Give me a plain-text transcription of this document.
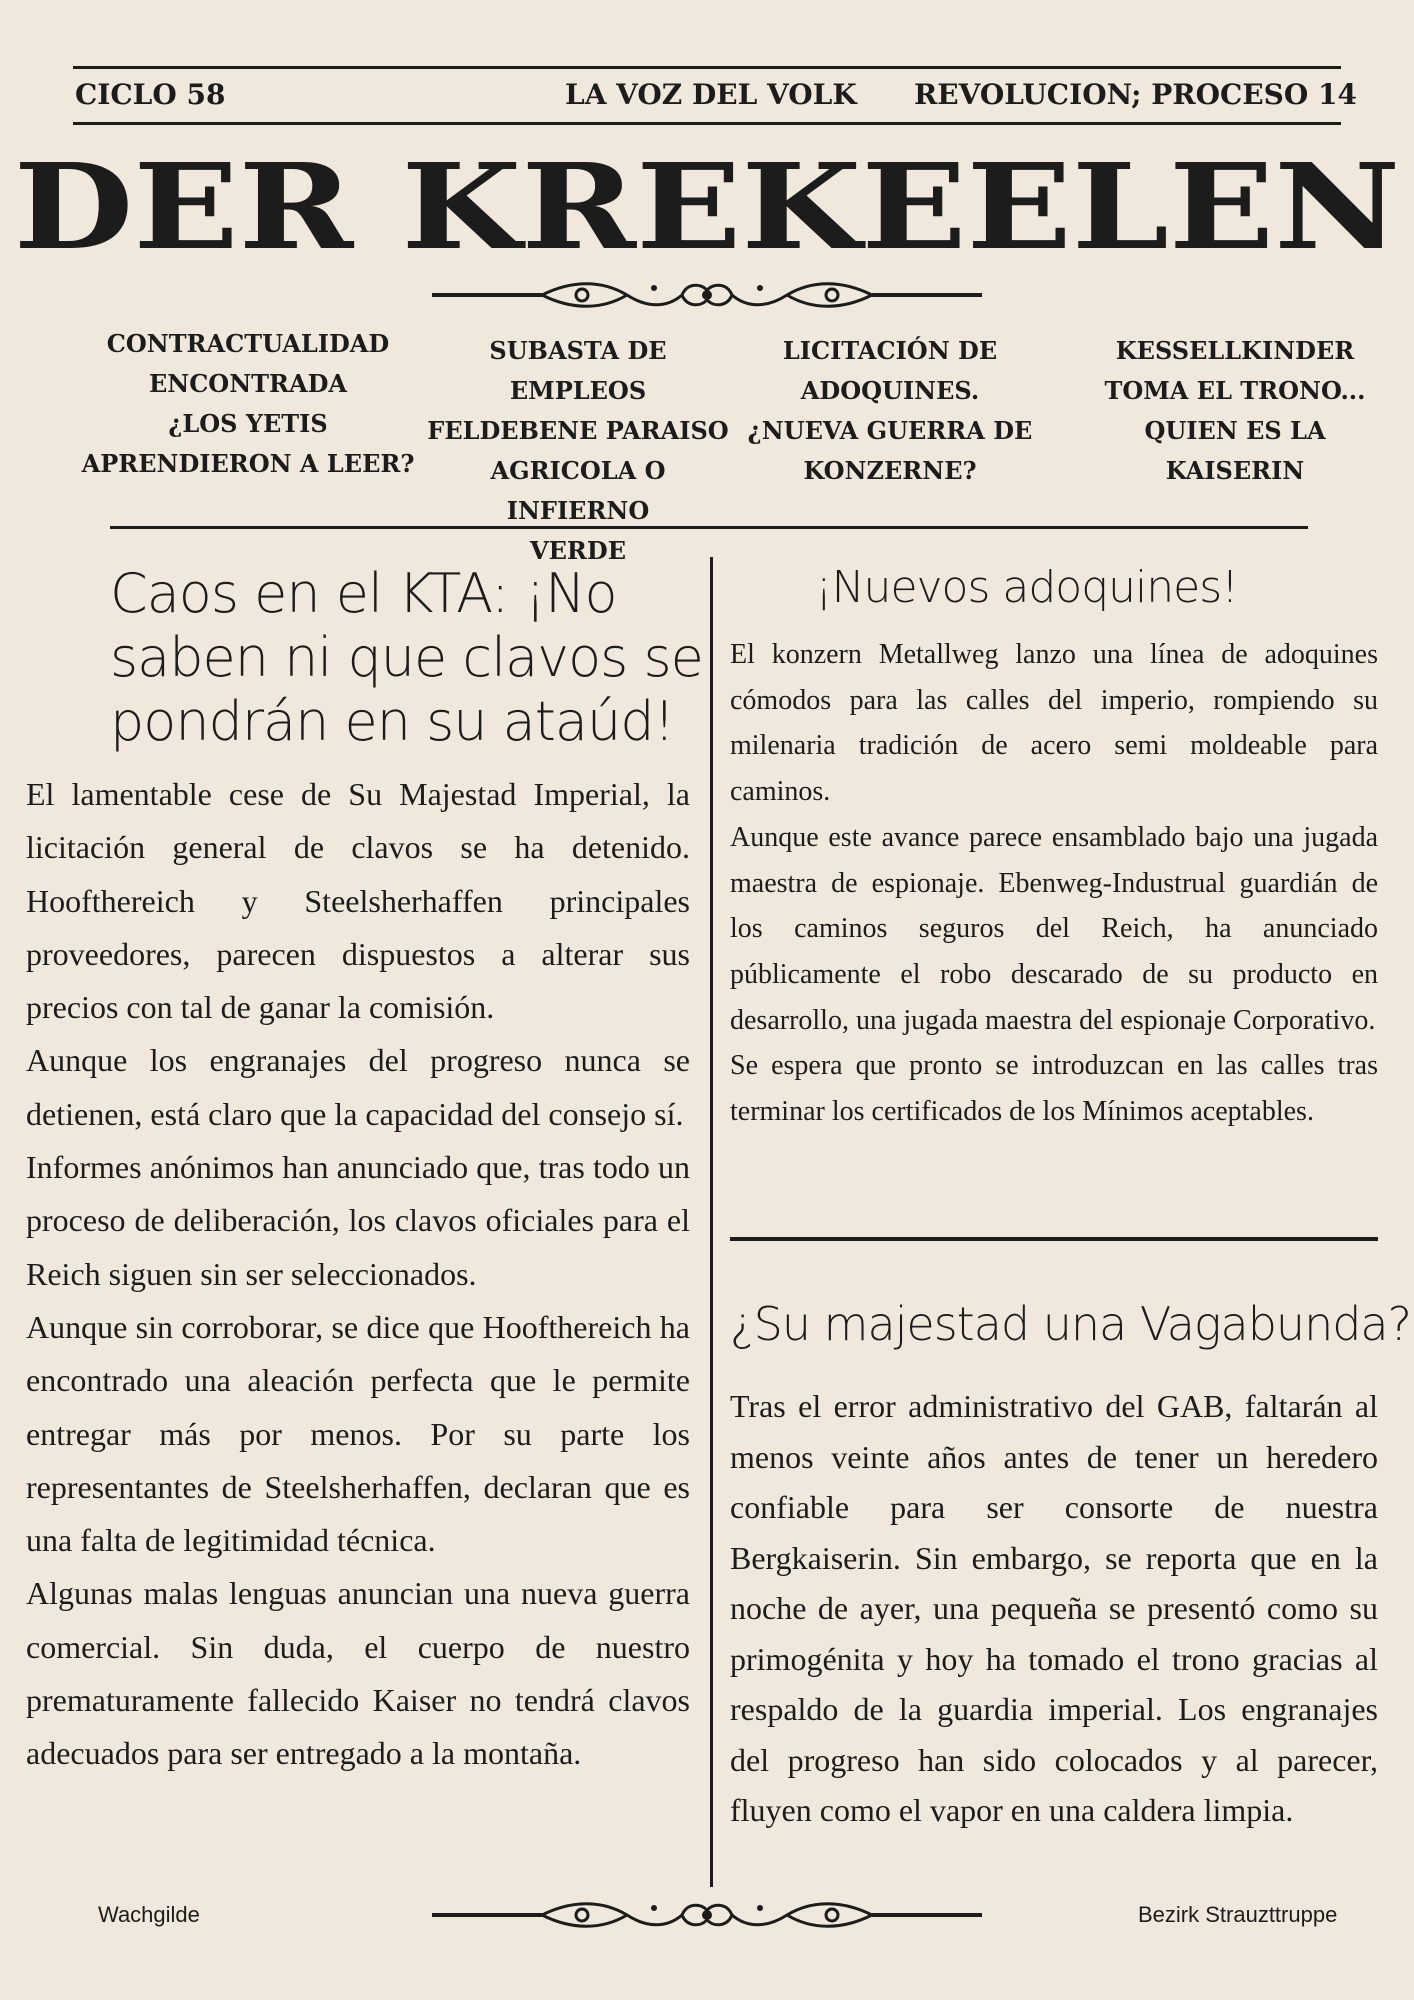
CICLO 58	LA VOZ DEL VOLK REVOLUCION; PROCESO 14
DER KREKEELEN
CONTRACTUALIDAD
ENCONTRADA
¿LOS YETIS
APRENDIERON A LEER?
SUBASTA DE EMPLEOS
FELDEBENE PARAISO
AGRICOLA O INFIERNO
VERDE
LICITACIÓN DE
ADOQUINES.
¿NUEVA GUERRA DE
KONZERNE?
KESSELLKINDER
TOMA EL TRONO...
QUIEN ES LA
KAISERIN
Caos en el KTA: ¡No
saben ni que clavos se
pondrán en su ataúd!

El lamentable cese de Su Majestad Imperial, la licitación general de clavos se ha detenido. Hoofthereich y Steelsherhaffen principales proveedores, parecen dispuestos a alterar sus precios con tal de ganar la comisión.

Aunque los engranajes del progreso nunca se detienen, está claro que la capacidad del consejo sí.

Informes anónimos han anunciado que, tras todo un proceso de deliberación, los clavos oficiales para el Reich siguen sin ser seleccionados.

Aunque sin corroborar, se dice que Hoofthereich ha encontrado una aleación perfecta que le permite entregar más por menos. Por su parte los representantes de Steelsherhaffen, declaran que es una falta de legitimidad técnica.

Algunas malas lenguas anuncian una nueva guerra comercial. Sin duda, el cuerpo de nuestro prematuramente fallecido Kaiser no tendrá clavos adecuados para ser entregado a la montaña.

¡Nuevos adoquines!

El konzern Metallweg lanzo una línea de adoquines cómodos para las calles del imperio, rompiendo su milenaria tradición de acero semi moldeable para caminos.

Aunque este avance parece ensamblado bajo una jugada maestra de espionaje. Ebenweg-Industrual guardián de los caminos seguros del Reich, ha anunciado públicamente el robo descarado de su producto en desarrollo, una jugada maestra del espionaje Corporativo.

Se espera que pronto se introduzcan en las calles tras terminar los certificados de los Mínimos aceptables.

¿Su majestad una Vagabunda?

Tras el error administrativo del GAB, faltarán al menos veinte años antes de tener un heredero confiable para ser consorte de nuestra Bergkaiserin. Sin embargo, se reporta que en la noche de ayer, una pequeña se presentó como su primogénita y hoy ha tomado el trono gracias al respaldo de la guardia imperial. Los engranajes del progreso han sido colocados y al parecer, fluyen como el vapor en una caldera limpia.

Wachgilde	Bezirk Strauzttruppe
